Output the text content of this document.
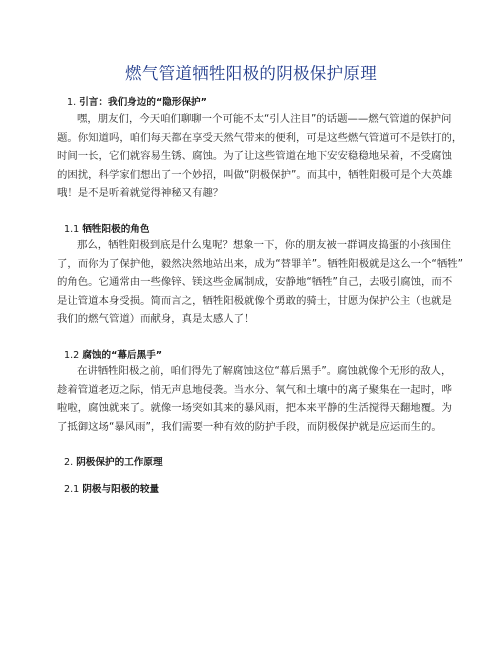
燃气管道牺牲阳极的阴极保护原理
1. 引言：我们身边的“隐形保护”
嘿，朋友们，今天咱们聊聊一个可能不太“引人注目”的话题——燃气管道的保护问
题。你知道吗，咱们每天都在享受天然气带来的便利，可是这些燃气管道可不是铁打的，
时间一长，它们就容易生锈、腐蚀。为了让这些管道在地下安安稳稳地呆着，不受腐蚀
的困扰，科学家们想出了一个妙招，叫做“阴极保护”。而其中，牺牲阳极可是个大英雄
哦！是不是听着就觉得神秘又有趣？
1.1 牺牲阳极的角色
那么，牺牲阳极到底是什么鬼呢？想象一下，你的朋友被一群调皮捣蛋的小孩围住
了，而你为了保护他，毅然决然地站出来，成为“替罪羊”。牺牲阳极就是这么一个“牺牲”
的角色。它通常由一些像锌、镁这些金属制成，安静地“牺牲”自己，去吸引腐蚀，而不
是让管道本身受损。简而言之，牺牲阳极就像个勇敢的骑士，甘愿为保护公主（也就是
我们的燃气管道）而献身，真是太感人了！
1.2 腐蚀的“幕后黑手”
在讲牺牲阳极之前，咱们得先了解腐蚀这位“幕后黑手”。腐蚀就像个无形的敌人，
趁着管道老迈之际，悄无声息地侵袭。当水分、氧气和土壤中的离子聚集在一起时，哗
啦啦，腐蚀就来了。就像一场突如其来的暴风雨，把本来平静的生活搅得天翻地覆。为
了抵御这场“暴风雨”，我们需要一种有效的防护手段，而阴极保护就是应运而生的。
2. 阴极保护的工作原理
2.1 阴极与阳极的较量
